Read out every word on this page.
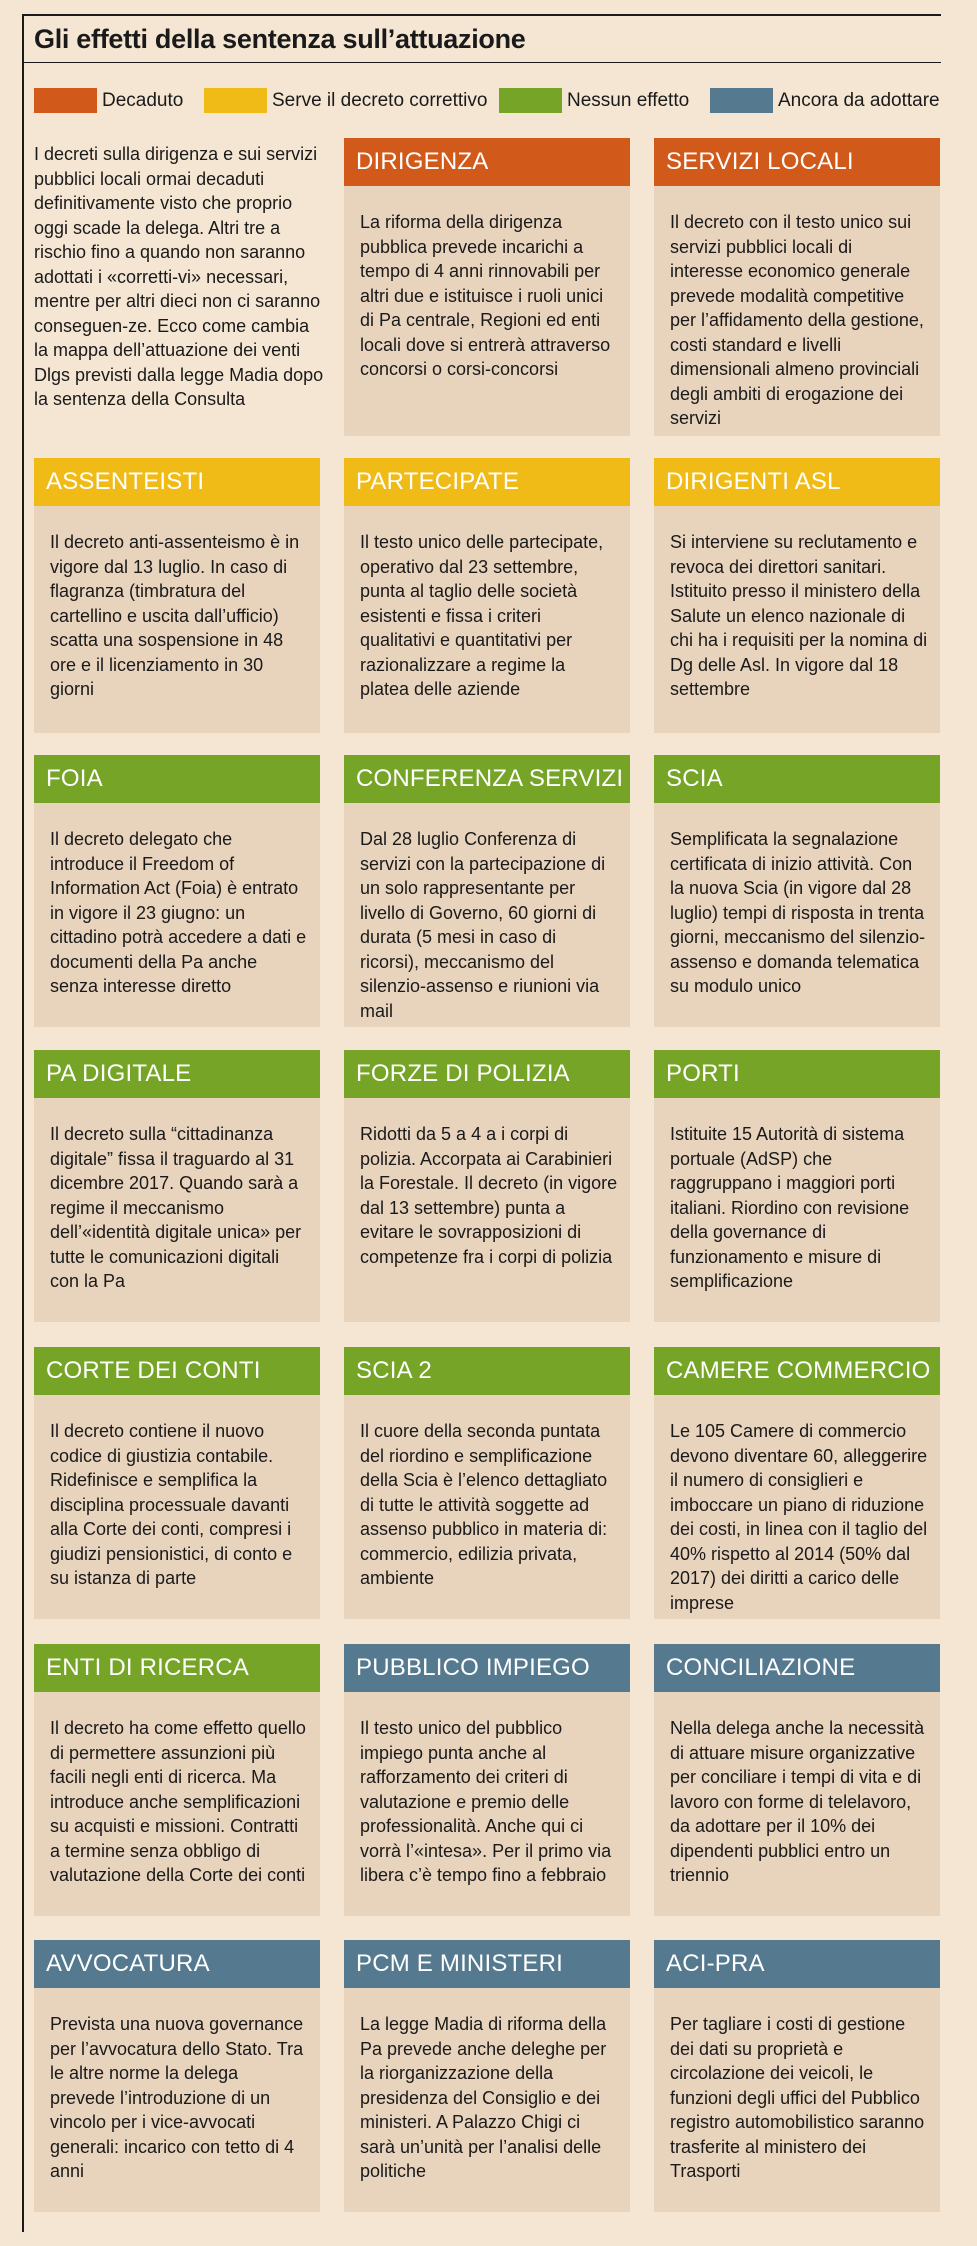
Gli effetti della sentenza sull’attuazione
Decaduto	Serve il decreto correttivo	Nessun effetto	Ancora da adottare
I decreti sulla dirigenza e sui servizi pubblici locali ormai decaduti definitivamente visto che proprio oggi scade la delega. Altri tre a rischio fino a quando non saranno adottati i «corretti-vi» necessari, mentre per altri dieci non ci saranno conseguen-ze. Ecco come cambia la mappa dell’attuazione dei venti Dlgs previsti dalla legge Madia dopo la sentenza della Consulta
DIRIGENZA
La riforma della dirigenza pubblica prevede incarichi a tempo di 4 anni rinnovabili per altri due e istituisce i ruoli unici di Pa centrale, Regioni ed enti locali dove si entrerà attraverso concorsi o corsi-concorsi
SERVIZI LOCALI
Il decreto con il testo unico sui servizi pubblici locali di interesse economico generale prevede modalità competitive per l’affidamento della gestione, costi standard e livelli dimensionali almeno provinciali degli ambiti di erogazione dei servizi
ASSENTEISTI
Il decreto anti-assenteismo è in vigore dal 13 luglio. In caso di flagranza (timbratura del cartellino e uscita dall’ufficio) scatta una sospensione in 48 ore e il licenziamento in 30 giorni
PARTECIPATE
Il testo unico delle partecipate, operativo dal 23 settembre, punta al taglio delle società esistenti e fissa i criteri qualitativi e quantitativi per razionalizzare a regime la platea delle aziende
DIRIGENTI ASL
Si interviene su reclutamento e revoca dei direttori sanitari. Istituito presso il ministero della Salute un elenco nazionale di chi ha i requisiti per la nomina di Dg delle Asl. In vigore dal 18 settembre
FOIA
Il decreto delegato che introduce il Freedom of Information Act (Foia) è entrato in vigore il 23 giugno: un cittadino potrà accedere a dati e documenti della Pa anche senza interesse diretto
CONFERENZA SERVIZI
Dal 28 luglio Conferenza di servizi con la partecipazione di un solo rappresentante per livello di Governo, 60 giorni di durata (5 mesi in caso di ricorsi), meccanismo del silenzio-assenso e riunioni via mail
SCIA
Semplificata la segnalazione certificata di inizio attività. Con la nuova Scia (in vigore dal 28 luglio) tempi di risposta in trenta giorni, meccanismo del silenzio-assenso e domanda telematica su modulo unico
PA DIGITALE
Il decreto sulla “cittadinanza digitale” fissa il traguardo al 31 dicembre 2017. Quando sarà a regime il meccanismo dell’«identità digitale unica» per tutte le comunicazioni digitali con la Pa
FORZE DI POLIZIA
Ridotti da 5 a 4 a i corpi di polizia. Accorpata ai Carabinieri la Forestale. Il decreto (in vigore dal 13 settembre) punta a evitare le sovrapposizioni di competenze fra i corpi di polizia
PORTI
Istituite 15 Autorità di sistema portuale (AdSP) che raggruppano i maggiori porti italiani. Riordino con revisione della governance di funzionamento e misure di semplificazione
CORTE DEI CONTI
Il decreto contiene il nuovo codice di giustizia contabile. Ridefinisce e semplifica la disciplina processuale davanti alla Corte dei conti, compresi i giudizi pensionistici, di conto e su istanza di parte
SCIA 2
Il cuore della seconda puntata del riordino e semplificazione della Scia è l’elenco dettagliato di tutte le attività soggette ad assenso pubblico in materia di: commercio, edilizia privata, ambiente
CAMERE COMMERCIO
Le 105 Camere di commercio devono diventare 60, alleggerire il numero di consiglieri e imboccare un piano di riduzione dei costi, in linea con il taglio del 40% rispetto al 2014 (50% dal 2017) dei diritti a carico delle imprese
ENTI DI RICERCA
Il decreto ha come effetto quello di permettere assunzioni più facili negli enti di ricerca. Ma introduce anche semplificazioni su acquisti e missioni. Contratti a termine senza obbligo di valutazione della Corte dei conti
PUBBLICO IMPIEGO
Il testo unico del pubblico impiego punta anche al rafforzamento dei criteri di valutazione e premio delle professionalità. Anche qui ci vorrà l’«intesa». Per il primo via libera c’è tempo fino a febbraio
CONCILIAZIONE
Nella delega anche la necessità di attuare misure organizzative per conciliare i tempi di vita e di lavoro con forme di telelavoro, da adottare per il 10% dei dipendenti pubblici entro un triennio
AVVOCATURA
Prevista una nuova governance per l’avvocatura dello Stato. Tra le altre norme la delega prevede l’introduzione di un vincolo per i vice-avvocati generali: incarico con tetto di 4 anni
PCM E MINISTERI
La legge Madia di riforma della Pa prevede anche deleghe per la riorganizzazione della presidenza del Consiglio e dei ministeri. A Palazzo Chigi ci sarà un’unità per l’analisi delle politiche
ACI-PRA
Per tagliare i costi di gestione dei dati su proprietà e circolazione dei veicoli, le funzioni degli uffici del Pubblico registro automobilistico saranno trasferite al ministero dei Trasporti
